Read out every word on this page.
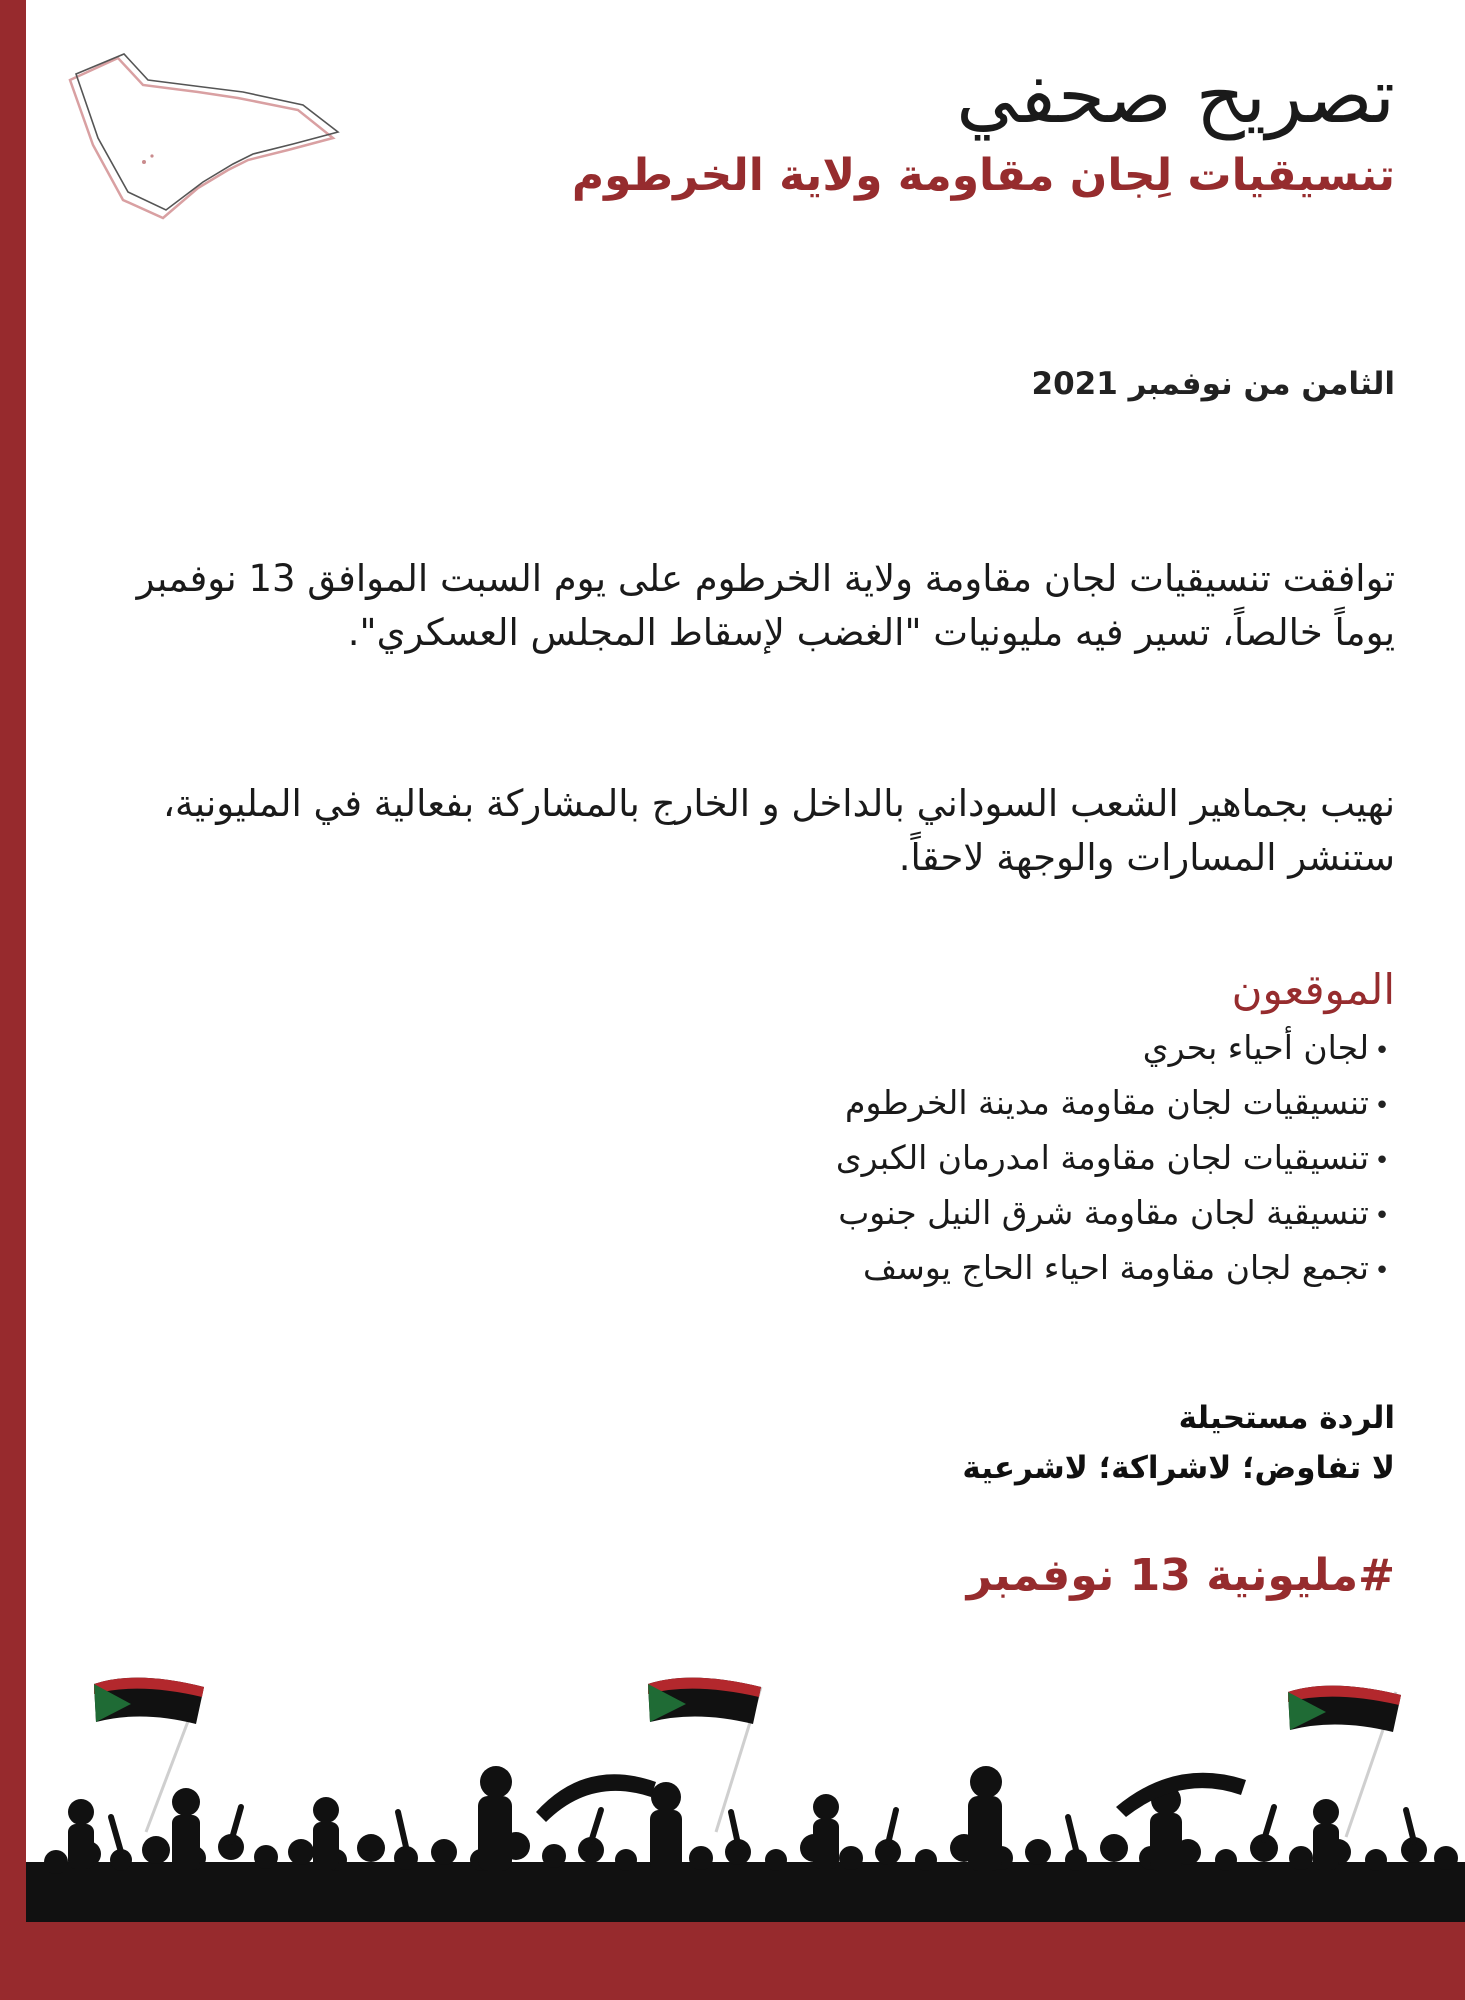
تصريح صحفي
تنسيقيات لِجان مقاومة ولاية الخرطوم
الثامن من نوفمبر 2021
توافقت تنسيقيات لجان مقاومة ولاية الخرطوم على يوم السبت الموافق 13 نوفمبر يوماً خالصاً، تسير فيه مليونيات "الغضب لإسقاط المجلس العسكري".
نهيب بجماهير الشعب السوداني بالداخل و الخارج بالمشاركة بفعالية في المليونية، ستنشر المسارات والوجهة لاحقاً.
الموقعون
•لجان أحياء بحري
•تنسيقيات لجان مقاومة مدينة الخرطوم
•تنسيقيات لجان مقاومة امدرمان الكبرى
•تنسيقية لجان مقاومة شرق النيل جنوب
•تجمع لجان مقاومة احياء الحاج يوسف
الردة مستحيلة
لا تفاوض؛ لاشراكة؛ لاشرعية
#مليونية 13 نوفمبر
